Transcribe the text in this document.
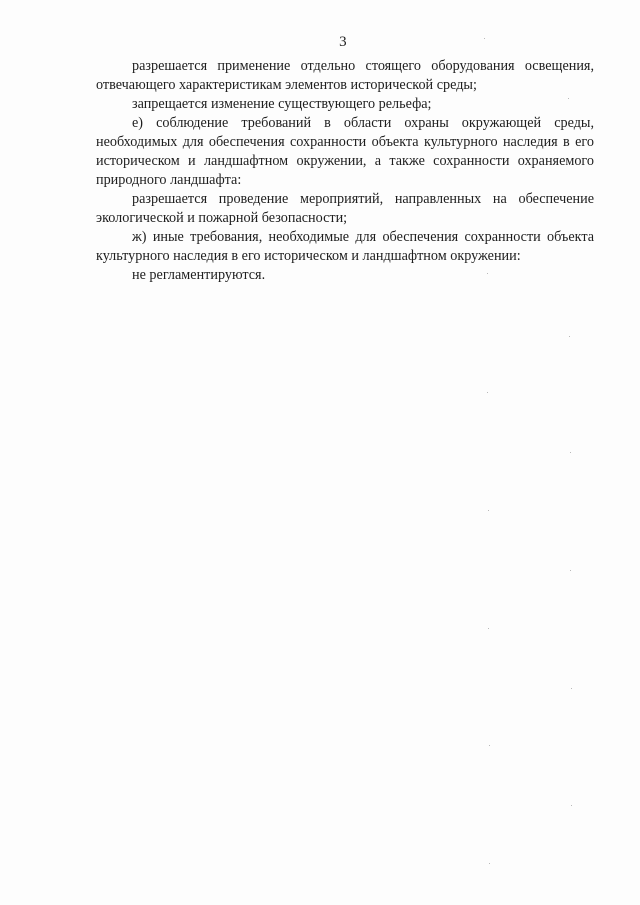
3

разрешается применение отдельно стоящего оборудования освещения, отвечающего характеристикам элементов исторической среды;

запрещается изменение существующего рельефа;

е) соблюдение требований в области охраны окружающей среды, необходимых для обеспечения сохранности объекта культурного наследия в его историческом и ландшафтном окружении, а также сохранности охраняемого природного ландшафта:

разрешается проведение мероприятий, направленных на обеспечение экологической и пожарной безопасности;

ж) иные требования, необходимые для обеспечения сохранности объекта культурного наследия в его историческом и ландшафтном окружении:

не регламентируются.
